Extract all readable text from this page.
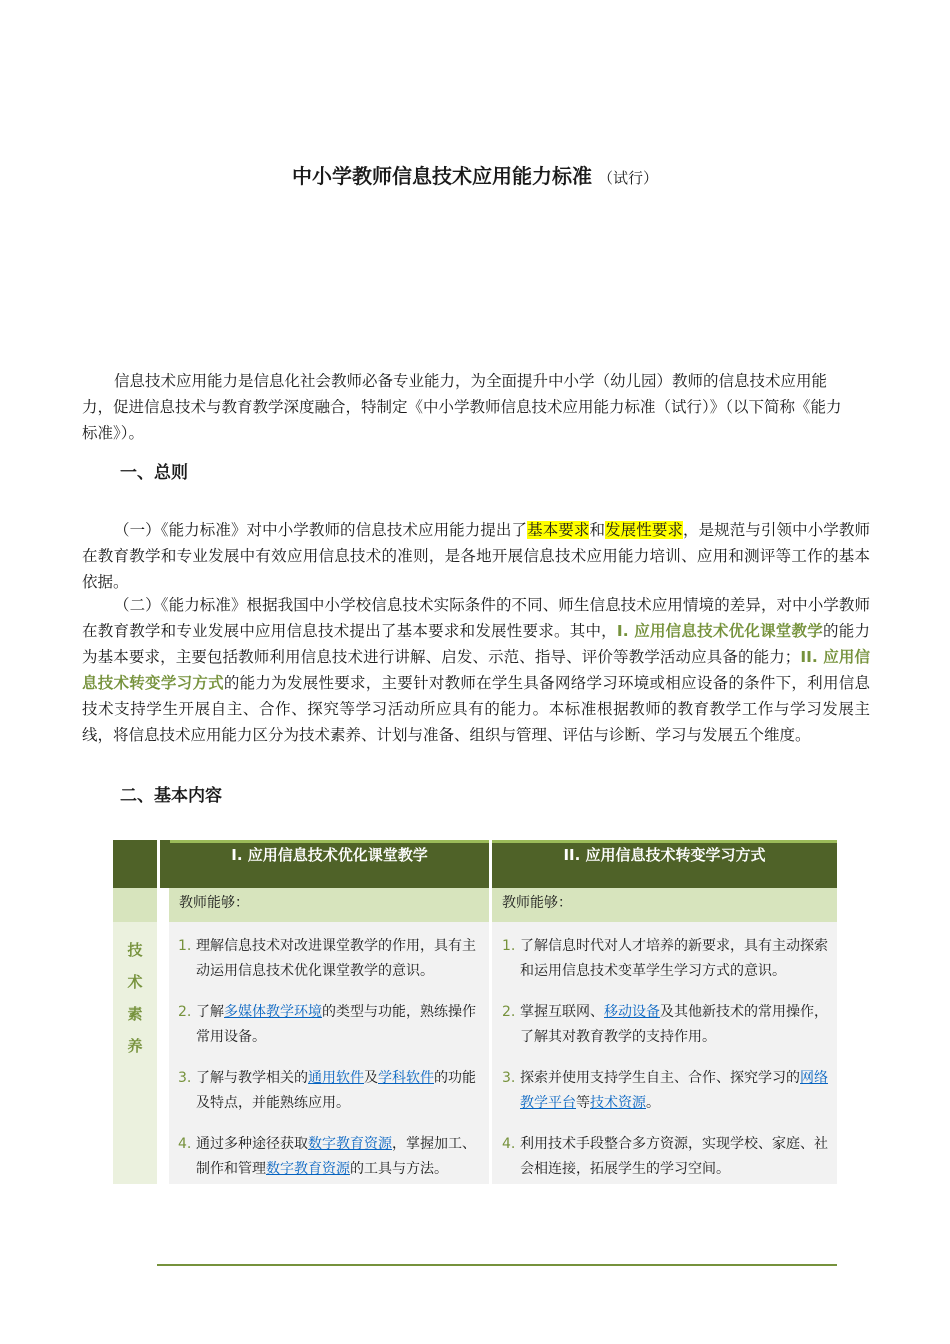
中小学教师信息技术应用能力标准 （试行）
信息技术应用能力是信息化社会教师必备专业能力，为全面提升中小学（幼儿园）教师的信息技术应用能
力，促进信息技术与教育教学深度融合，特制定《中小学教师信息技术应用能力标准（试行）》（以下简称《能力
标准》）。
一、总则
（一）《能力标准》对中小学教师的信息技术应用能力提出了基本要求和发展性要求，是规范与引领中小学教师在教育教学和专业发展中有效应用信息技术的准则，是各地开展信息技术应用能力培训、应用和测评等工作的基本依据。
（二）《能力标准》根据我国中小学校信息技术实际条件的不同、师生信息技术应用情境的差异，对中小学教师在教育教学和专业发展中应用信息技术提出了基本要求和发展性要求。其中，I. 应用信息技术优化课堂教学的能力为基本要求，主要包括教师利用信息技术进行讲解、启发、示范、指导、评价等教学活动应具备的能力；II. 应用信息技术转变学习方式的能力为发展性要求，主要针对教师在学生具备网络学习环境或相应设备的条件下，利用信息技术支持学生开展自主、合作、探究等学习活动所应具有的能力。本标准根据教师的教育教学工作与学习发展主线，将信息技术应用能力区分为技术素养、计划与准备、组织与管理、评估与诊断、学习与发展五个维度。
二、基本内容
I. 应用信息技术优化课堂教学	II. 应用信息技术转变学习方式
教师能够：	教师能够：
技
术
素
养
1. 理解信息技术对改进课堂教学的作用，具有主动运用信息技术优化课堂教学的意识。
2. 了解多媒体教学环境的类型与功能，熟练操作常用设备。
3. 了解与教学相关的通用软件及学科软件的功能及特点，并能熟练应用。
4. 通过多种途径获取数字教育资源，掌握加工、制作和管理数字教育资源的工具与方法。
1. 了解信息时代对人才培养的新要求，具有主动探索和运用信息技术变革学生学习方式的意识。
2. 掌握互联网、移动设备及其他新技术的常用操作，了解其对教育教学的支持作用。
3. 探索并使用支持学生自主、合作、探究学习的网络教学平台等技术资源。
4. 利用技术手段整合多方资源，实现学校、家庭、社会相连接，拓展学生的学习空间。
